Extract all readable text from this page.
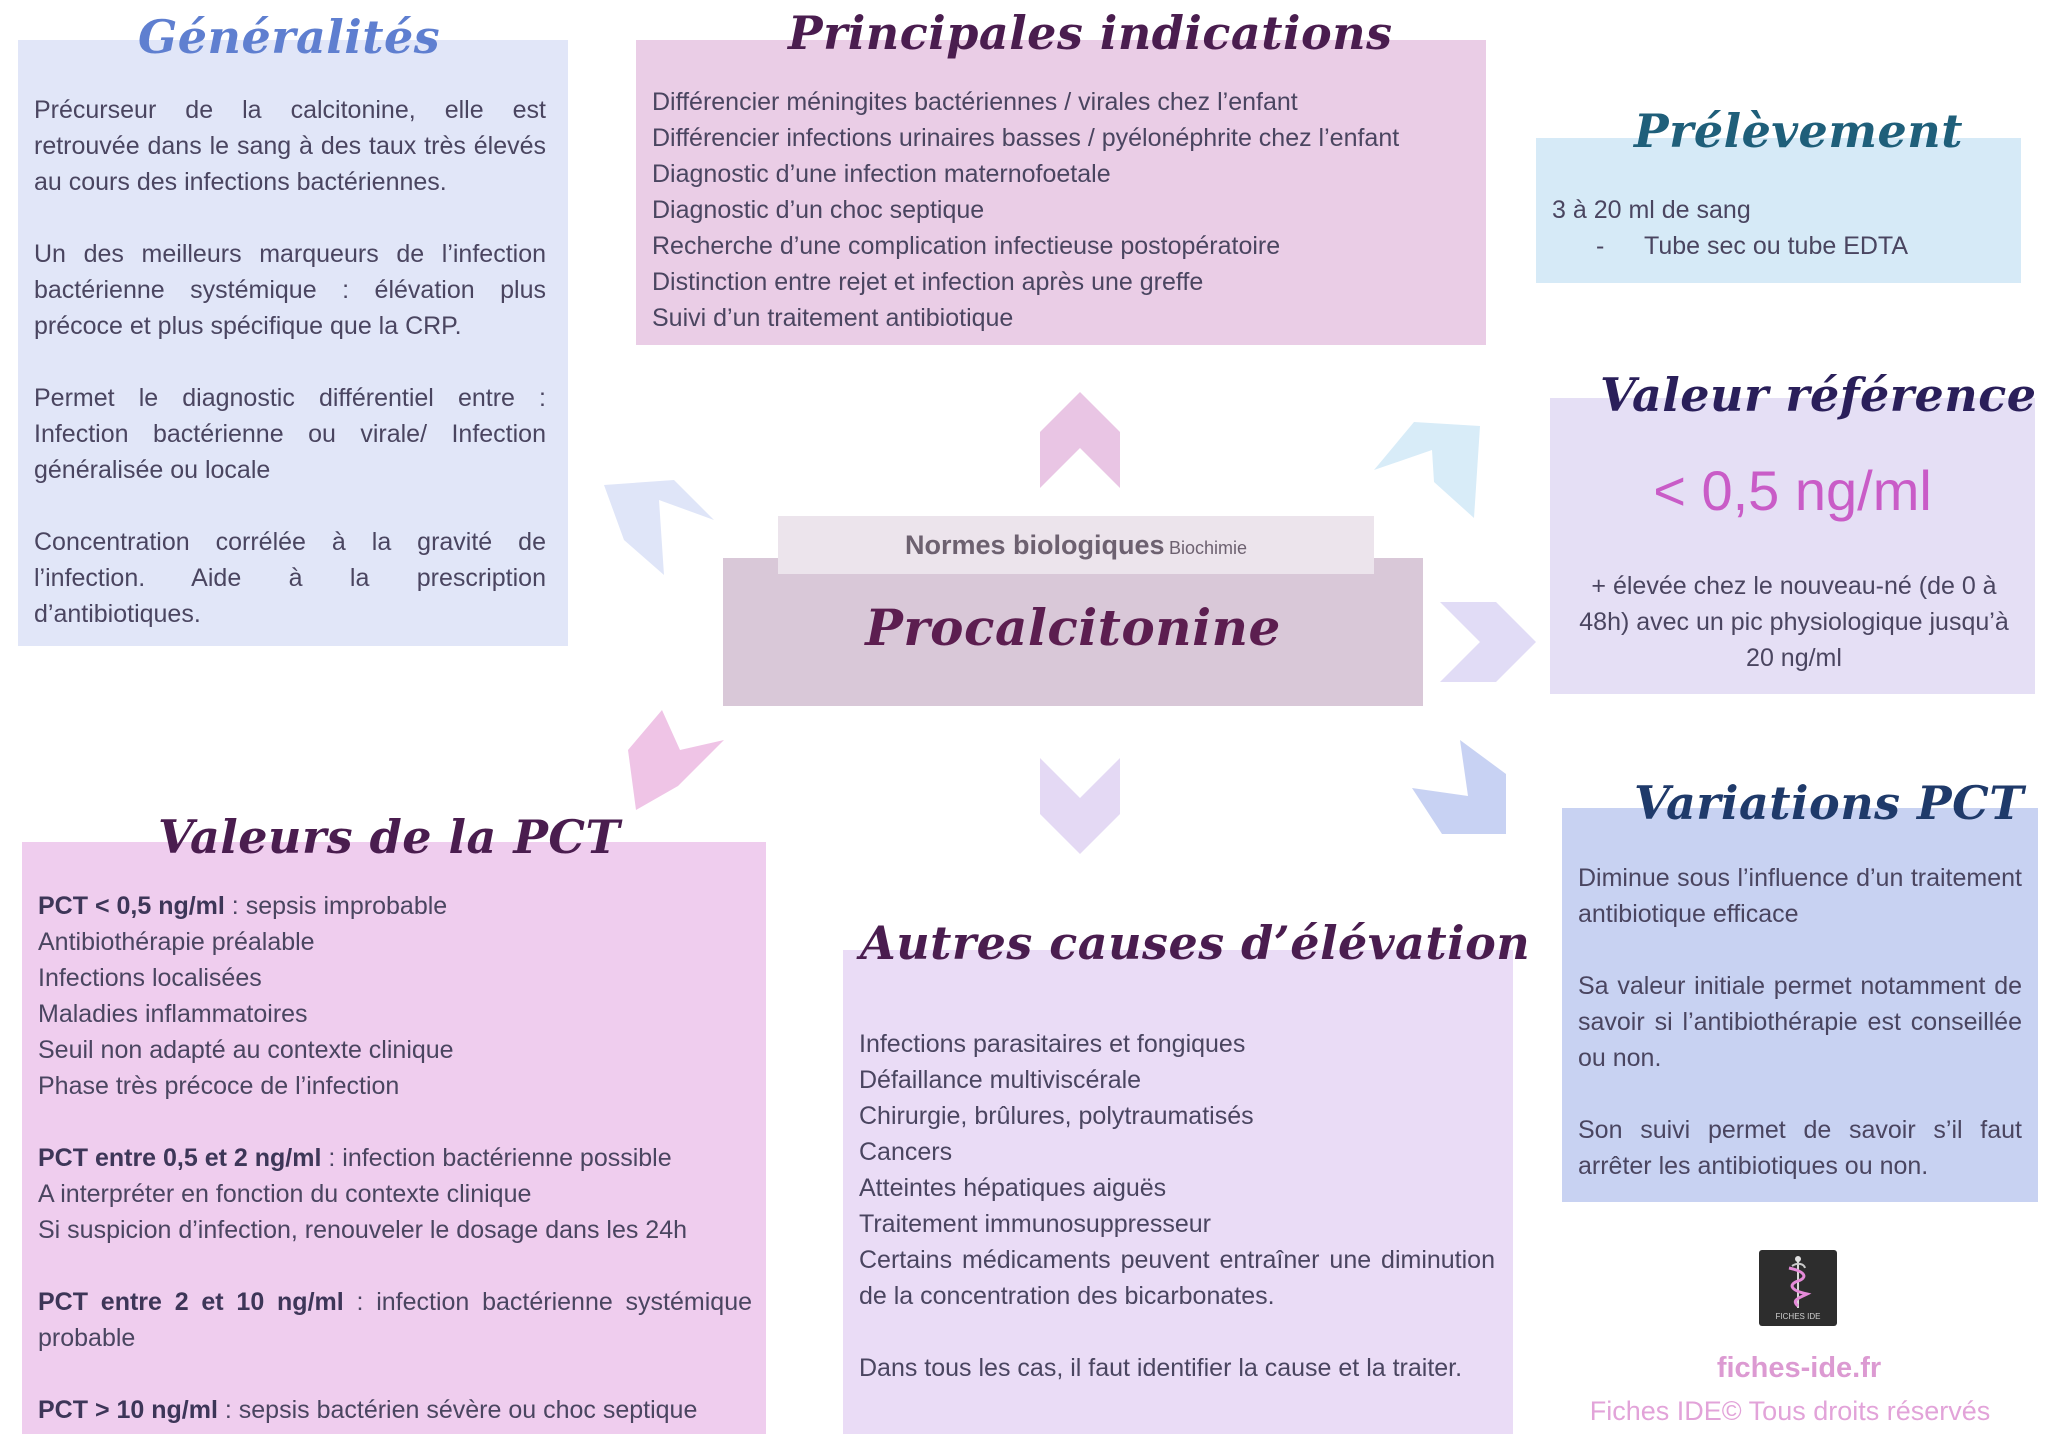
Généralités

Précurseur de la calcitonine, elle est retrouvée dans le sang à des taux très élevés au cours des infections bactériennes.

Un des meilleurs marqueurs de l’infection bactérienne systémique : élévation plus précoce et plus spécifique que la CRP.

Permet le diagnostic différentiel entre : Infection bactérienne ou virale/ Infection généralisée ou locale

Concentration corrélée à la gravité de l’infection. Aide à la prescription d’antibiotiques.

Principales indications
Différencier méningites bactériennes / virales chez l’enfant
Différencier infections urinaires basses / pyélonéphrite chez l’enfant
Diagnostic d’une infection maternofoetale
Diagnostic d’un choc septique
Recherche d’une complication infectieuse postopératoire
Distinction entre rejet et infection après une greffe
Suivi d’un traitement antibiotique
Prélèvement
3 à 20 ml de sang
- Tube sec ou tube EDTA
Valeur référence
< 0,5 ng/ml
+ élevée chez le nouveau-né (de 0 à 48h) avec un pic physiologique jusqu’à 20 ng/ml
Normes biologiques Biochimie
Procalcitonine
Valeurs de la PCT
PCT < 0,5 ng/ml : sepsis improbable
Antibiothérapie préalable
Infections localisées
Maladies inflammatoires
Seuil non adapté au contexte clinique
Phase très précoce de l’infection
PCT entre 0,5 et 2 ng/ml : infection bactérienne possible
A interpréter en fonction du contexte clinique
Si suspicion d’infection, renouveler le dosage dans les 24h

PCT entre 2 et 10 ng/ml : infection bactérienne systémique probable

PCT > 10 ng/ml : sepsis bactérien sévère ou choc septique
Autres causes d’élévation
Infections parasitaires et fongiques
Défaillance multiviscérale
Chirurgie, brûlures, polytraumatisés
Cancers
Atteintes hépatiques aiguës
Traitement immunosuppresseur

Certains médicaments peuvent entraîner une diminution de la concentration des bicarbonates.

Dans tous les cas, il faut identifier la cause et la traiter.

Variations PCT

Diminue sous l’influence d’un traitement antibiotique efficace

Sa valeur initiale permet notamment de savoir si l’antibiothérapie est conseillée ou non.

Son suivi permet de savoir s’il faut arrêter les antibiotiques ou non.

FICHES IDE
fiches-ide.fr
Fiches IDE© Tous droits réservés
